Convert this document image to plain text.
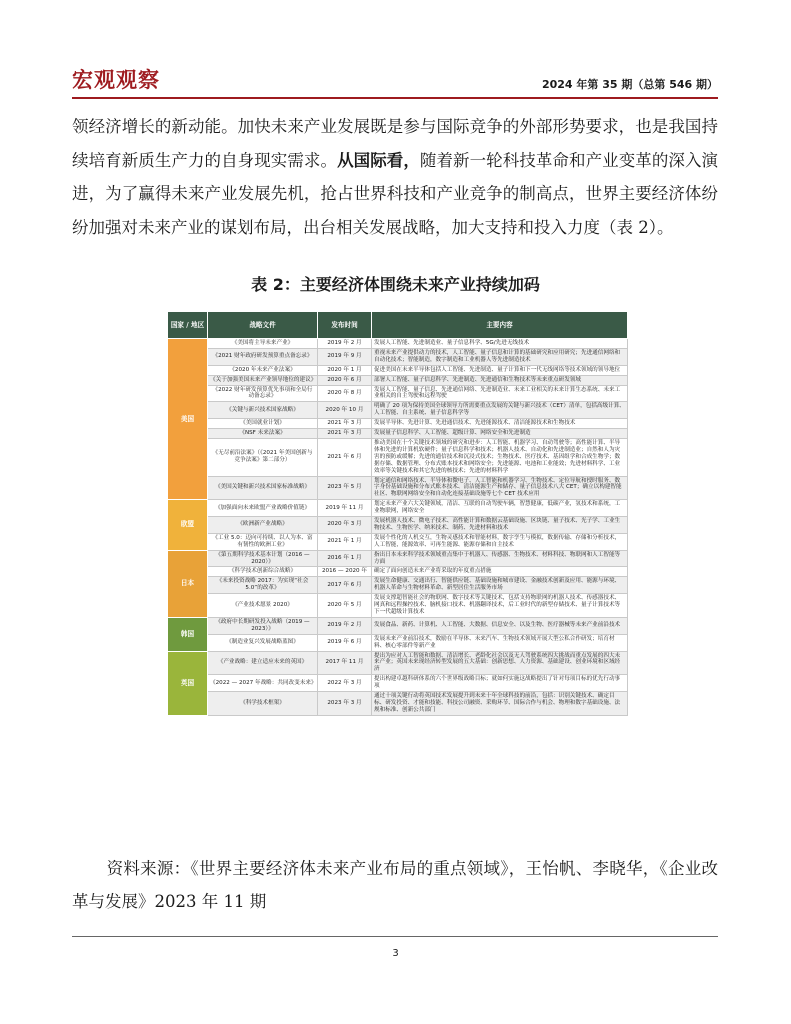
宏观观察	2024 年第 35 期（总第 546 期）
领经济增长的新动能。加快未来产业发展既是参与国际竞争的外部形势要求，也是我国持续培育新质生产力的自身现实需求。从国际看，随着新一轮科技革命和产业变革的深入演进，为了赢得未来产业发展先机，抢占世界科技和产业竞争的制高点，世界主要经济体纷纷加强对未来产业的谋划布局，出台相关发展战略，加大支持和投入力度（表 2）。
表 2：主要经济体围绕未来产业持续加码
国家 / 地区	战略文件	发布时间	主要内容
美国	《美国将主导未来产业》	2019 年 2 月	发展人工智能、先进制造业、量子信息科学、5G/先进无线技术
	《2021 财年政府研发预算重点备忘录》	2019 年 9 月	重视未来产业提供动力的技术，人工智能、量子信息和计算的基础研究和应用研究；先进通信网络和自动化技术；智能制造，数字制造和工业机器人等先进制造技术
	《2020 年未来产业法案》	2020 年 1 月	促进美国在未来半导体包括人工智能、先进制造、量子计算和下一代无线网络等技术领域的领导地位
	《关于加强美国未来产业领导地位的建议》	2020 年 6 月	部署人工智能、量子信息科学、先进制造、先进通信和生物技术等未来重点研发领域
	《2022 财年研发预算优先事项和全局行动备忘录》	2020 年 8 月	发展人工智能、量子信息、先进通信网络、先进制造业、未来工业相关的未来计算生态系统、未来工业相关的自主驾驶和远程驾驶
	《关键与新兴技术国家战略》	2020 年 10 月	明确了 20 项为保持美国全球领导力所需要重点发展的关键与新兴技术（CET）清单，包括高级计算、人工智能、自主系统、量子信息科学等
	《美国就业计划》	2021 年 3 月	发展半导体、先进计算、先进通信技术、先进能源技术、清洁能源技术和生物技术
	《NSF 未来法案》	2021 年 3 月	发展量子信息科学、人工智能、超级计算、网络安全和先进制造
	《无尽前沿法案》（《2021 年美国创新与竞争法案》第二部分）	2021 年 6 月	推动美国在十个关键技术领域的研究和进步：人工智能、机器学习、自动驾驶等；高性能计算、半导体和先进的计算机软硬件；量子信息科学和技术；机器人技术、自动化和先进制造业；自然和人为灾害的预防或缓解；先进的通信技术和沉浸式技术；生物技术、医疗技术、基因组学和合成生物学；数据存储、数据管理、分布式账本技术和网络安全；先进能源、电池和工业能效；先进材料科学、工业效率等关键技术和其它先进的核技术；先进的材料科学
	《美国关键和新兴技术国家标准战略》	2023 年 5 月	划定通信和网络技术、半导体和微电子、人工智能和机器学习、生物技术、定位导航和授时服务、数字身份基础设施和分布式账本技术、清洁能源生产和储存、量子信息技术八大 CET；确立以构建智能社区、物联网网络安全和自动化连接基础设施等七个 CET 技术应用
欧盟	《加强面向未来欧盟产业战略价值链》	2019 年 11 月	划定未来产业六大关键领域，清洁、互联的自动驾驶车辆，智慧健康，低碳产业，氢技术和系统，工业物联网，网络安全
	《欧洲新产业战略》	2020 年 3 月	发展机器人技术、微电子技术、高性能计算和数据云基础设施、区块链、量子技术、光子学、工业生物技术、生物医学、纳米技术、制药、先进材料和技术
	《工业 5.0：迈向可持续、以人为本、富有韧性的欧洲工业》	2021 年 1 月	发展个性化的人机交互，生物灵感技术和智能材料，数字孪生与模拟，数据传输、存储和分析技术，人工智能，能源效率、可再生能源、能源存储和自主技术
日本	《第五期科学技术基本计划（2016 — 2020）》	2016 年 1 月	指出日本未来科学技术领域重点集中于机器人、传感器、生物技术、材料科技、物联网和人工智能等方面
	《科学技术创新综合战略》	2016 — 2020 年	确定了面向创造未来产业将采取的年度重点措施
	《未来投资战略 2017：为实现“社会 5.0”的改革》	2017 年 6 月	发展生命健康、交通出行、智能供应链、基础设施和城市建设、金融技术创新及应用、能源与环境、机器人革命与生物材料革命、新型居住生活服务市场
	《产业技术愿景 2020》	2020 年 5 月	发展支撑超智能社会的物联网、数字技术等关键技术，包括支持物联网的机器人技术、传感器技术、网真和远程操控技术、脑机接口技术、机器翻译技术，后工业时代的新型存储技术、量子计算技术等下一代超级计算技术
韩国	《政府中长期研发投入战略（2019 — 2023）》	2019 年 2 月	发展食品、新药、计算机、人工智能、大数据、信息安全、以及生物、医疗器械等未来产业前沿技术
	《制造业复兴发展战略蓝图》	2019 年 6 月	发展未来产业前沿技术，数励在半导体、未来汽车、生物技术领域开展大型公私合作研发；培育材料、核心零部件等新产业
英国	《产业战略：建立适应未来的英国》	2017 年 11 月	提出为应对人工智能和数据、清洁增长、老龄化社会以及无人驾驶系统四大挑战而重点发展的四大未来产业；英国未来现经济转型发展的五大基础：创新思想、人力资源、基础建设、创业环境和区域经济
	《2022 — 2027 年战略：共同改变未来》	2022 年 3 月	提出构建卓越科研体系的六个世界级战略目标；就如何实施这战略提出了针对每项目标的优先行动事项
	《科学技术框架》	2023 年 3 月	通过十项关键行动将英国技术发展提升到未来十年全球科技的前沿，包括：识别关键技术、确定目标、研发投资、才能和技能、科技公司融资、采购环节、国际合作与机会、物理和数字基础设施、法规和标准、创新公共部门
资料来源：《世界主要经济体未来产业布局的重点领域》，王怡帆、李晓华，《企业改革与发展》2023 年 11 期
3
